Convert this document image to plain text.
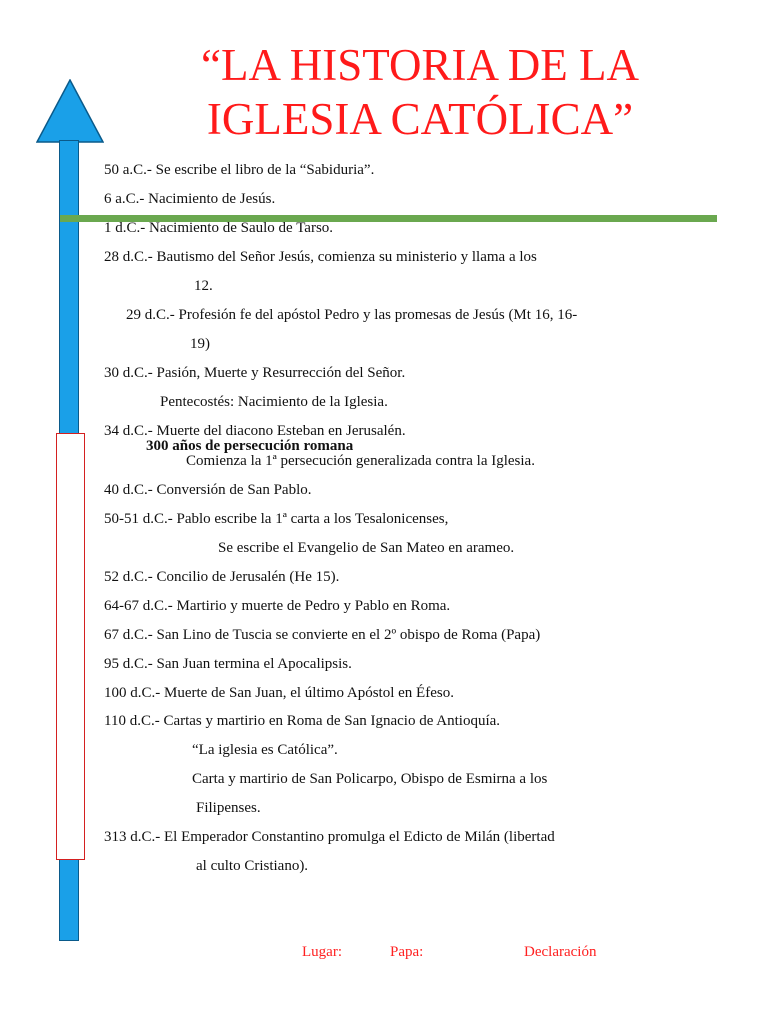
“LA HISTORIA DE LA
IGLESIA CATÓLICA”
50 a.C.- Se escribe el libro de la “Sabiduria”.
6 a.C.- Nacimiento de Jesús.
1 d.C.- Nacimiento de Saulo de Tarso.
28 d.C.- Bautismo del Señor Jesús, comienza su ministerio y llama a los
12.
29 d.C.- Profesión fe del apóstol Pedro y las promesas de Jesús (Mt 16, 16-
19)
30 d.C.- Pasión, Muerte y Resurrección del Señor.
Pentecostés: Nacimiento de la Iglesia.
34 d.C.- Muerte del diacono Esteban en Jerusalén.
Comienza la 1ª persecución generalizada contra la Iglesia.
300 años de persecución romana
40 d.C.- Conversión de San Pablo.
50-51 d.C.- Pablo escribe la 1ª carta a los Tesalonicenses,
Se escribe el Evangelio de San Mateo en arameo.
52 d.C.- Concilio de Jerusalén (He 15).
64-67 d.C.- Martirio y muerte de Pedro y Pablo en Roma.
67 d.C.- San Lino de Tuscia se convierte en el 2º obispo de Roma (Papa)
95 d.C.- San Juan termina el Apocalipsis.
100 d.C.- Muerte de San Juan, el último Apóstol en Éfeso.
110 d.C.- Cartas y martirio en Roma de San Ignacio de Antioquía.
“La iglesia es Católica”.
Carta y martirio de San Policarpo, Obispo de Esmirna a los
Filipenses.
313 d.C.- El Emperador Constantino promulga el Edicto de Milán (libertad
al culto Cristiano).
Lugar:	Papa:	Declaración
